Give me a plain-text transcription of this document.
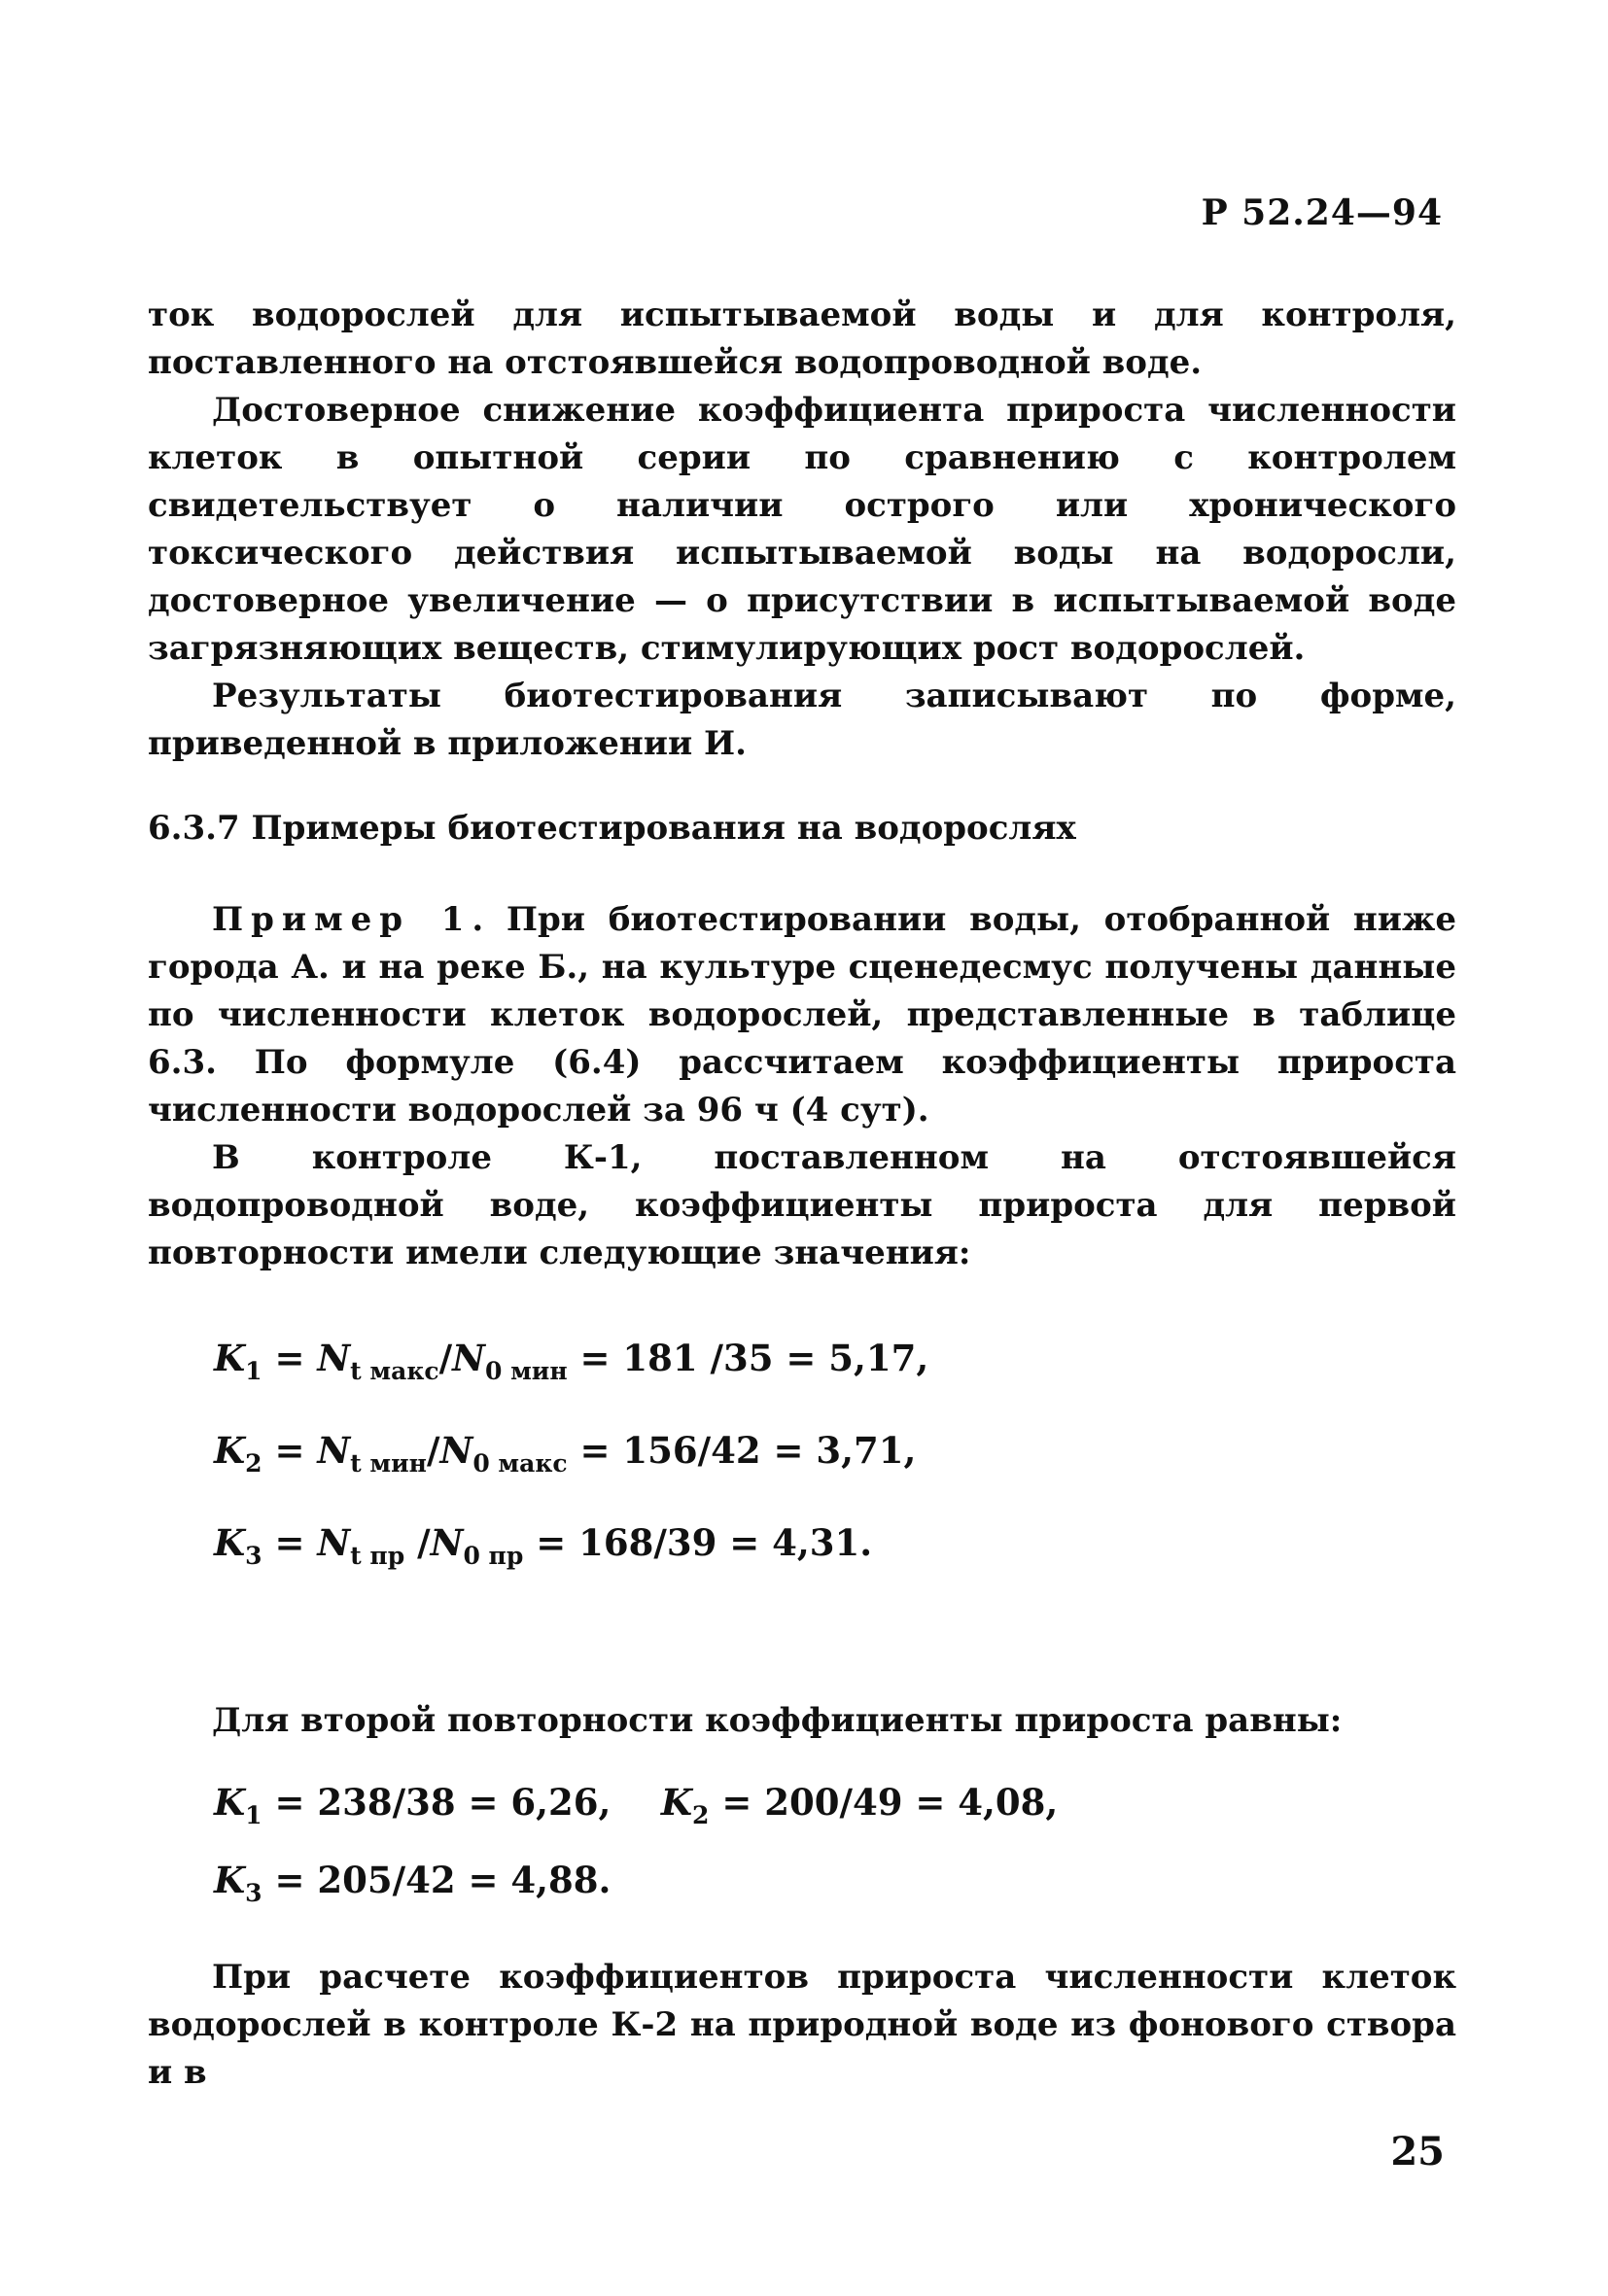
Р 52.24—94

ток водорослей для испытываемой воды и для контроля, поставленного на отстоявшейся водопроводной воде.

Достоверное снижение коэффициента прироста численности клеток в опытной серии по сравнению с контролем свидетельствует о наличии острого или хронического токсического действия испытываемой воды на водоросли, достоверное увеличение — о присутствии в испытываемой воде загрязняющих веществ, стимулирующих рост водорослей.

Результаты биотестирования записывают по форме, приведенной в приложении И.

6.3.7 Примеры биотестирования на водорослях

Пример 1. При биотестировании воды, отобранной ниже города А. и на реке Б., на культуре сценедесмус получены данные по численности клеток водорослей, представленные в таблице 6.3. По формуле (6.4) рассчитаем коэффициенты прироста численности водорослей за 96 ч (4 сут).

В контроле К-1, поставленном на отстоявшейся водопроводной воде, коэффициенты прироста для первой повторности имели следующие значения:

$K_1 = N_{t макс}/N_{0 мин} = 181$ /35 = 5,17,
$K_2 = N_{t мин}/N_{0 макс} = 156/42 = 3,71$,
$K_3 = N_{t пр}$ $/N_{0 пр} = 168/39 = 4,31$.
Для второй повторности коэффициенты прироста равны:
$K_1 = 238/38 = 6,26$, $K_2 = 200/49 = 4,08$,
$K_3 = 205/42 = 4,88$.

При расчете коэффициентов прироста численности клеток водорослей в контроле К-2 на природной воде из фонового створа и в

25
